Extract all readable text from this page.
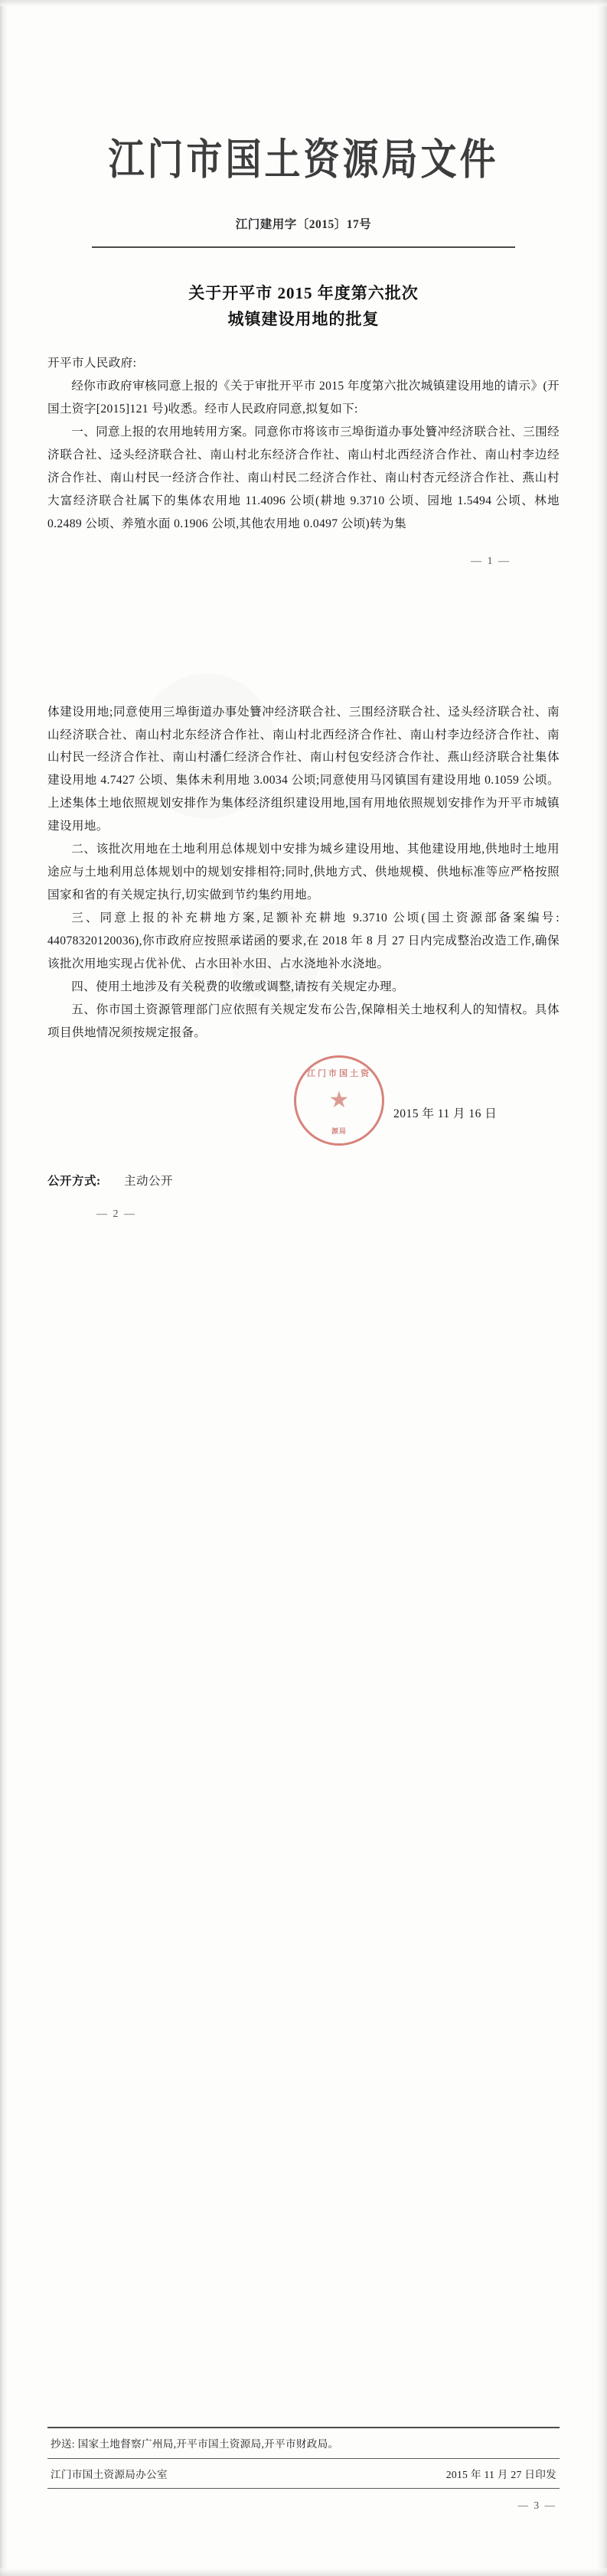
江门市国土资源局文件
江门建用字〔2015〕17号
关于开平市 2015 年度第六批次
城镇建设用地的批复

开平市人民政府:

经你市政府审核同意上报的《关于审批开平市 2015 年度第六批次城镇建设用地的请示》(开国土资字[2015]121 号)收悉。经市人民政府同意,拟复如下:

一、同意上报的农用地转用方案。同意你市将该市三埠街道办事处籫冲经济联合社、三围经济联合社、迳头经济联合社、南山村北东经济合作社、南山村北西经济合作社、南山村李边经济合作社、南山村民一经济合作社、南山村民二经济合作社、南山村杏元经济合作社、燕山村大富经济联合社属下的集体农用地 11.4096 公顷(耕地 9.3710 公顷、园地 1.5494 公顷、林地 0.2489 公顷、养殖水面 0.1906 公顷,其他农用地 0.0497 公顷)转为集

— 1 —

体建设用地;同意使用三埠街道办事处籫冲经济联合社、三围经济联合社、迳头经济联合社、南山经济联合社、南山村北东经济合作社、南山村北西经济合作社、南山村李边经济合作社、南山村民一经济合作社、南山村潘仁经济合作社、南山村包安经济合作社、燕山经济联合社集体建设用地 4.7427 公顷、集体未利用地 3.0034 公顷;同意使用马冈镇国有建设用地 0.1059 公顷。上述集体土地依照规划安排作为集体经济组织建设用地,国有用地依照规划安排作为开平市城镇建设用地。

二、该批次用地在土地利用总体规划中安排为城乡建设用地、其他建设用地,供地时土地用途应与土地利用总体规划中的规划安排相符;同时,供地方式、供地规模、供地标准等应严格按照国家和省的有关规定执行,切实做到节约集约用地。

三、同意上报的补充耕地方案,足额补充耕地 9.3710 公顷(国土资源部备案编号: 44078320120036),你市政府应按照承诺函的要求,在 2018 年 8 月 27 日内完成整治改造工作,确保该批次用地实现占优补优、占水田补水田、占水浇地补水浇地。

四、使用土地涉及有关税费的收缴或调整,请按有关规定办理。

五、你市国土资源管理部门应依照有关规定发布公告,保障相关土地权利人的知情权。具体项目供地情况须按规定报备。

江门市国土资
★
源局
2015 年 11 月 16 日
公开方式: 主动公开
— 2 —
抄送: 国家土地督察广州局,开平市国土资源局,开平市财政局。
江门市国土资源局办公室	2015 年 11 月 27 日印发
— 3 —
